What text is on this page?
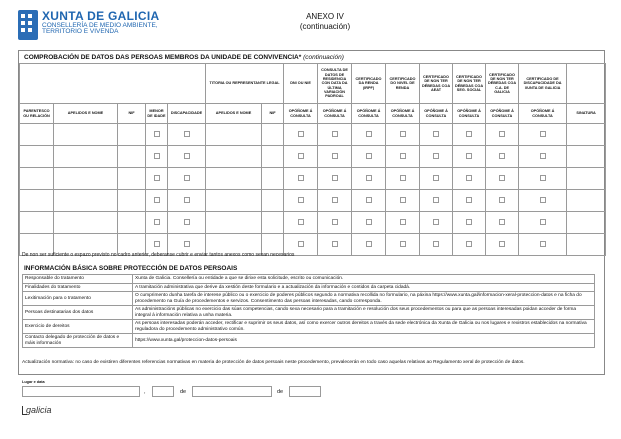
XUNTA DE GALICIA
CONSELLERÍA DE MEDIO AMBIENTE,
TERRITORIO E VIVENDA
ANEXO IV
(continuación)
COMPROBACIÓN DE DATOS DAS PERSOAS MEMBROS DA UNIDADE DE CONVIVENCIA* (continuación)
					TITORIA OU REPRESENTANTE LEGAL		DNI OU NIE	CONSULTA DE DATOS DE RESIDENCIA CON DATA DA ÚLTIMA VARIACIÓN PADROAL	CERTIFICADO DA RENDA (IRPF)	CERTIFICADO DO NIVEL DE RENDA	CERTIFICADO DE NON TER DÉBEDAS COA AEAT	CERTIFICADO DE NON TER DÉBEDAS COA SEG. SOCIAL	CERTIFICADO DE NON TER DÉBEDAS COA C.A. DE GALICIA	CERTIFICADO DE DISCAPACIDADE DA XUNTA DE GALICIA	
PARENTESCO OU RELACIÓN	APELIDOS E NOME	NIF	MENOR DE IDADE	DISCAPACIDADE	APELIDOS E NOME	NIF	OPÓÑOME Á CONSULTA	OPÓÑOME Á CONSULTA	OPÓÑOME Á CONSULTA	OPÓÑOME Á CONSULTA	OPÓÑOME Á CONSULTA	OPÓÑOME Á CONSULTA	OPÓÑOME Á CONSULTA	OPÓÑOME Á CONSULTA	SINATURA

De non ser suficiente o espazo previsto no cadro anterior, deberanse cubrir e enviar tantos anexos como sexan necesarios
INFORMACIÓN BÁSICA SOBRE PROTECCIÓN DE DATOS PERSOAIS
Responsable do tratamento	Xunta de Galicia. Consellería ou entidade a que se dirixe esta solicitude, escrito ou comunicación.
Finalidades do tratamento	A tramitación administrativa que derive da xestión deste formulario e a actualización da información e contidos da carpeta cidadá.
Lexitimación para o tratamento	O cumprimento dunha tarefa de interese público ou o exercicio de poderes públicos segundo a normativa recollida no formulario, na páxina https://www.xunta.gal/informacion-xeral-proteccion-datos e na ficha do procedemento na Guía de procedementos e servizos. Consentimento das persoas interesadas, cando corresponda.
Persoas destinatarias dos datos	As administracións públicas no exercicio das súas competencias, cando sexa necesario para a tramitación e resolución dos seus procedementos ou para que as persoas interesadas poidan acceder de forma integral á información relativa a unha materia.
Exercicio de dereitos	As persoas interesadas poderán acceder, rectificar e suprimir os seus datos, así como exercer outros dereitos a través da sede electrónica da Xunta de Galicia ou nos lugares e rexistros establecidos na normativa reguladora do procedemento administrativo común.
Contacto delegado de protección de datos e máis información	https://www.xunta.gal/proteccion-datos-persoais
Actualización normativa: no caso de existiren diferentes referencias normativas en materia de protección de datos persoais neste procedemento, prevalecerán en todo caso aquelas relativas ao Regulamento xeral de protección de datos.
Lugar e data
,	de	de
galicia
